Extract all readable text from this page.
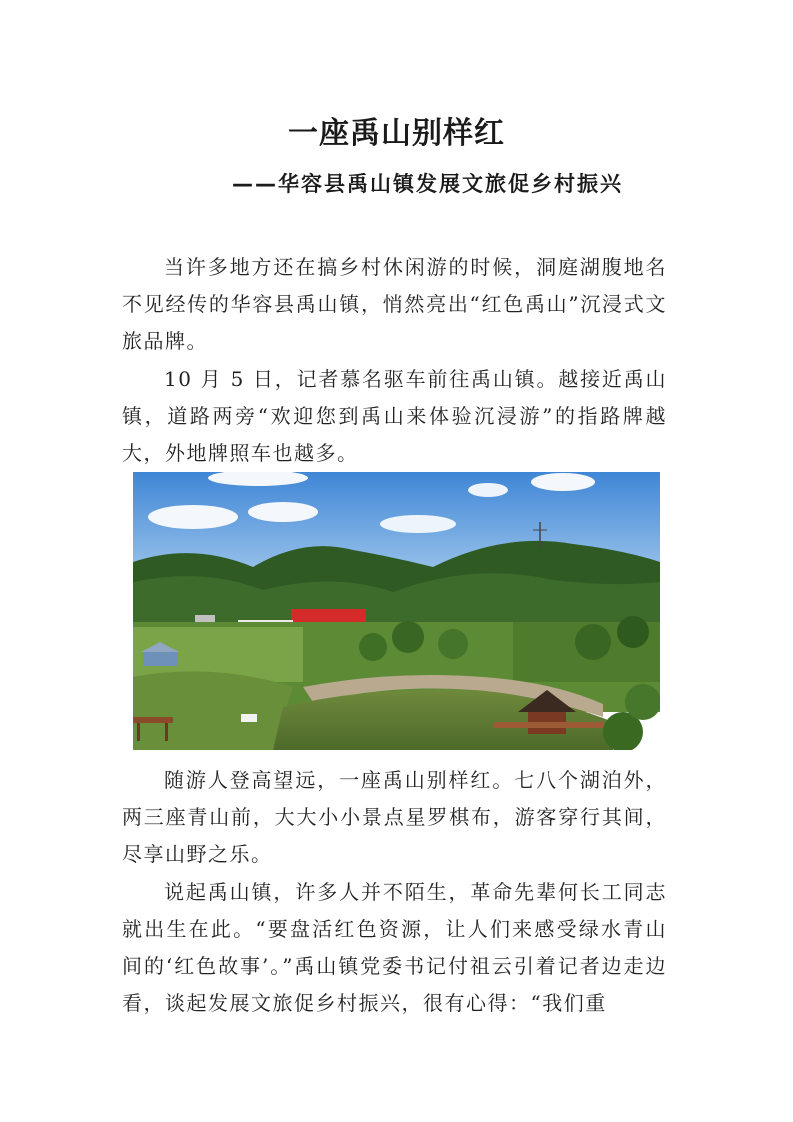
一座禹山别样红
——华容县禹山镇发展文旅促乡村振兴

当许多地方还在搞乡村休闲游的时候，洞庭湖腹地名不见经传的华容县禹山镇，悄然亮出“红色禹山”沉浸式文旅品牌。

10 月 5 日，记者慕名驱车前往禹山镇。越接近禹山镇，道路两旁“欢迎您到禹山来体验沉浸游”的指路牌越大，外地牌照车也越多。

随游人登高望远，一座禹山别样红。七八个湖泊外，两三座青山前，大大小小景点星罗棋布，游客穿行其间，尽享山野之乐。

说起禹山镇，许多人并不陌生，革命先辈何长工同志就出生在此。“要盘活红色资源，让人们来感受绿水青山间的‘红色故事’。”禹山镇党委书记付祖云引着记者边走边看，谈起发展文旅促乡村振兴，很有心得：“我们重
